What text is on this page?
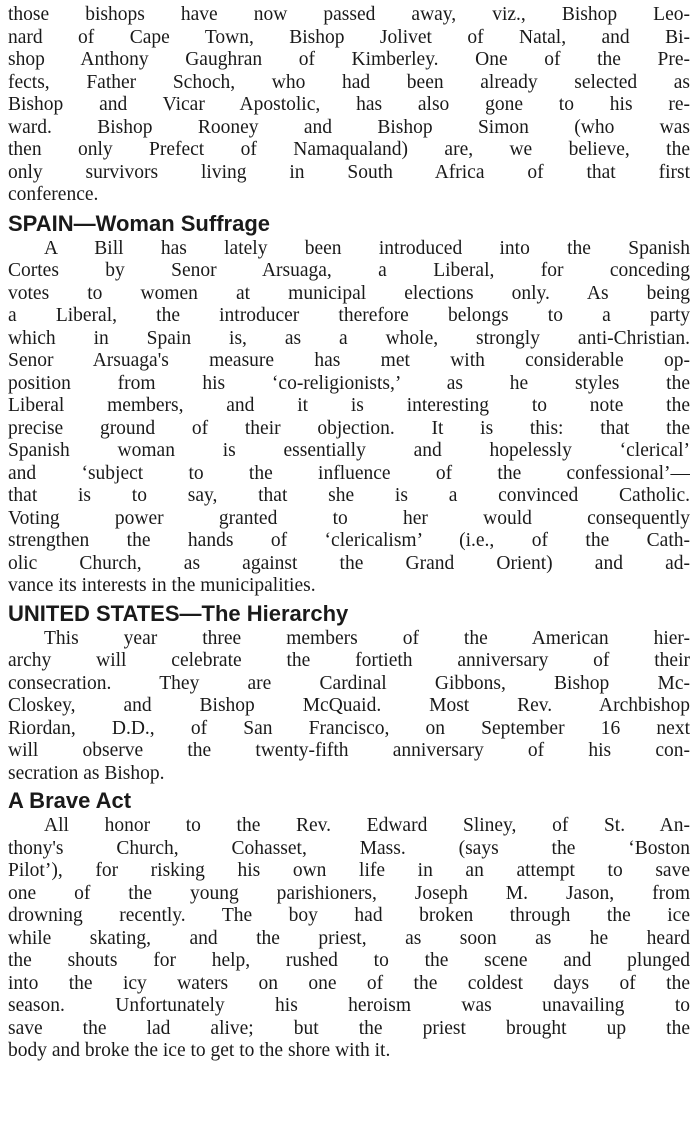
those bishops have now passed away, viz., Bishop Leo-
nard of Cape Town, Bishop Jolivet of Natal, and Bi-
shop Anthony Gaughran of Kimberley. One of the Pre-
fects, Father Schoch, who had been already selected as
Bishop and Vicar Apostolic, has also gone to his re-
ward. Bishop Rooney and Bishop Simon (who was
then only Prefect of Namaqualand) are, we believe, the
only survivors living in South Africa of that first
conference.
SPAIN—Woman Suffrage
A Bill has lately been introduced into the Spanish
Cortes by Senor Arsuaga, a Liberal, for conceding
votes to women at municipal elections only. As being
a Liberal, the introducer therefore belongs to a party
which in Spain is, as a whole, strongly anti-Christian.
Senor Arsuaga's measure has met with considerable op-
position from his ‘co-religionists,’ as he styles the
Liberal members, and it is interesting to note the
precise ground of their objection. It is this: that the
Spanish woman is essentially and hopelessly ‘clerical’
and ‘subject to the influence of the confessional’—
that is to say, that she is a convinced Catholic.
Voting power granted to her would consequently
strengthen the hands of ‘clericalism’ (i.e., of the Cath-
olic Church, as against the Grand Orient) and ad-
vance its interests in the municipalities.
UNITED STATES—The Hierarchy
This year three members of the American hier-
archy will celebrate the fortieth anniversary of their
consecration. They are Cardinal Gibbons, Bishop Mc-
Closkey, and Bishop McQuaid. Most Rev. Archbishop
Riordan, D.D., of San Francisco, on September 16 next
will observe the twenty-fifth anniversary of his con-
secration as Bishop.
A Brave Act
All honor to the Rev. Edward Sliney, of St. An-
thony's Church, Cohasset, Mass. (says the ‘Boston
Pilot’), for risking his own life in an attempt to save
one of the young parishioners, Joseph M. Jason, from
drowning recently. The boy had broken through the ice
while skating, and the priest, as soon as he heard
the shouts for help, rushed to the scene and plunged
into the icy waters on one of the coldest days of the
season. Unfortunately his heroism was unavailing to
save the lad alive; but the priest brought up the
body and broke the ice to get to the shore with it.
